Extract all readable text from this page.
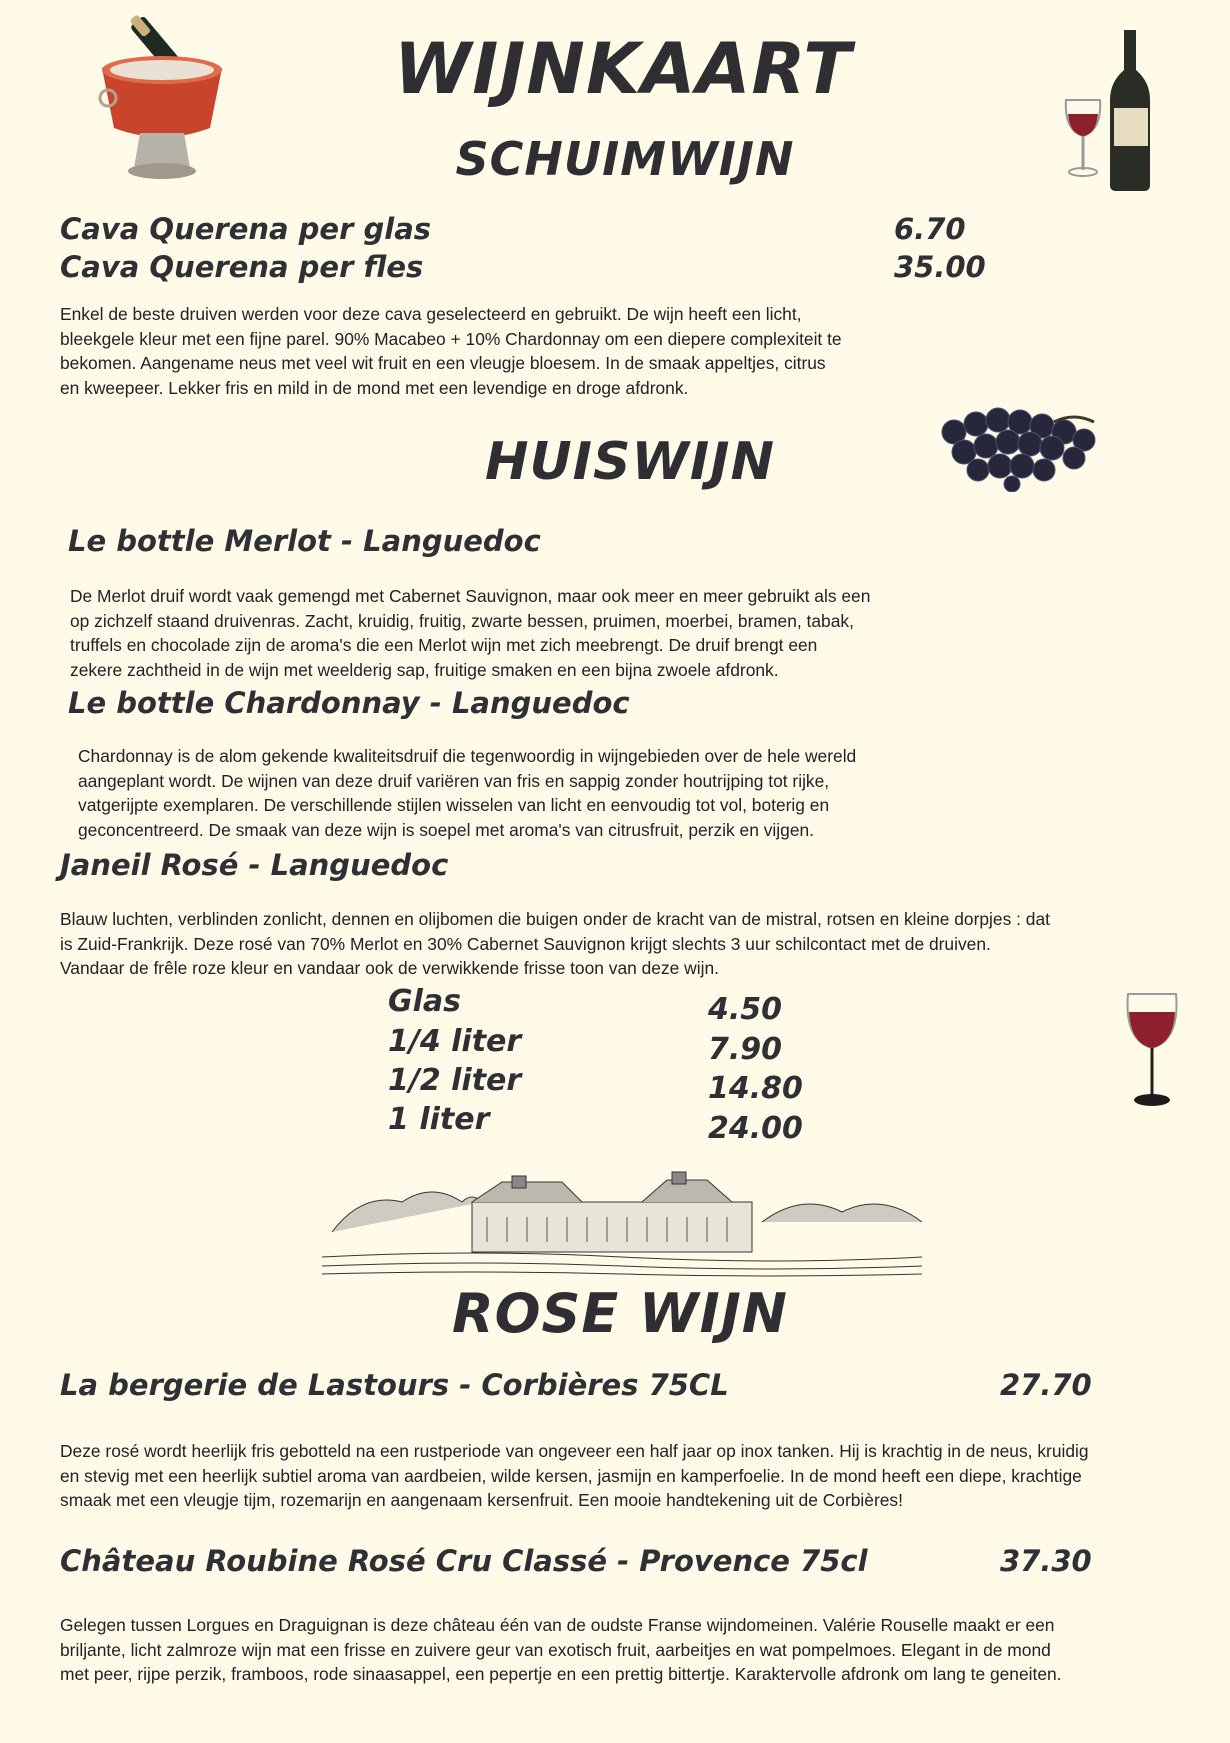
WIJNKAART
SCHUIMWIJN
Cava Querena per glas	6.70
Cava Querena per fles	35.00

Enkel de beste druiven werden voor deze cava geselecteerd en gebruikt. De wijn heeft een licht,
bleekgele kleur met een fijne parel. 90% Macabeo + 10% Chardonnay om een diepere complexiteit te
bekomen. Aangename neus met veel wit fruit en een vleugje bloesem. In de smaak appeltjes, citrus
en kweepeer. Lekker fris en mild in de mond met een levendige en droge afdronk.

HUISWIJN
Le bottle Merlot - Languedoc

De Merlot druif wordt vaak gemengd met Cabernet Sauvignon, maar ook meer en meer gebruikt als een
op zichzelf staand druivenras. Zacht, kruidig, fruitig, zwarte bessen, pruimen, moerbei, bramen, tabak,
truffels en chocolade zijn de aroma's die een Merlot wijn met zich meebrengt. De druif brengt een
zekere zachtheid in de wijn met weelderig sap, fruitige smaken en een bijna zwoele afdronk.

Le bottle Chardonnay - Languedoc

Chardonnay is de alom gekende kwaliteitsdruif die tegenwoordig in wijngebieden over de hele wereld
aangeplant wordt. De wijnen van deze druif variëren van fris en sappig zonder houtrijping tot rijke,
vatgerijpte exemplaren. De verschillende stijlen wisselen van licht en eenvoudig tot vol, boterig en
geconcentreerd. De smaak van deze wijn is soepel met aroma's van citrusfruit, perzik en vijgen.

Janeil Rosé - Languedoc

Blauw luchten, verblinden zonlicht, dennen en olijbomen die buigen onder de kracht van de mistral, rotsen en kleine dorpjes : dat
is Zuid-Frankrijk. Deze rosé van 70% Merlot en 30% Cabernet Sauvignon krijgt slechts 3 uur schilcontact met de druiven.
Vandaar de frêle roze kleur en vandaar ook de verwikkende frisse toon van deze wijn.

Glas	4.50
1/4 liter	7.90
1/2 liter	14.80
1 liter	24.00
ROSE WIJN
La bergerie de Lastours - Corbières 75CL	27.70

Deze rosé wordt heerlijk fris gebotteld na een rustperiode van ongeveer een half jaar op inox tanken. Hij is krachtig in de neus, kruidig
en stevig met een heerlijk subtiel aroma van aardbeien, wilde kersen, jasmijn en kamperfoelie. In de mond heeft een diepe, krachtige
smaak met een vleugje tijm, rozemarijn en aangenaam kersenfruit. Een mooie handtekening uit de Corbières!

Château Roubine Rosé Cru Classé - Provence 75cl	37.30

Gelegen tussen Lorgues en Draguignan is deze château één van de oudste Franse wijndomeinen. Valérie Rouselle maakt er een
briljante, licht zalmroze wijn mat een frisse en zuivere geur van exotisch fruit, aarbeitjes en wat pompelmoes. Elegant in de mond
met peer, rijpe perzik, framboos, rode sinaasappel, een pepertje en een prettig bittertje. Karaktervolle afdronk om lang te geneiten.
